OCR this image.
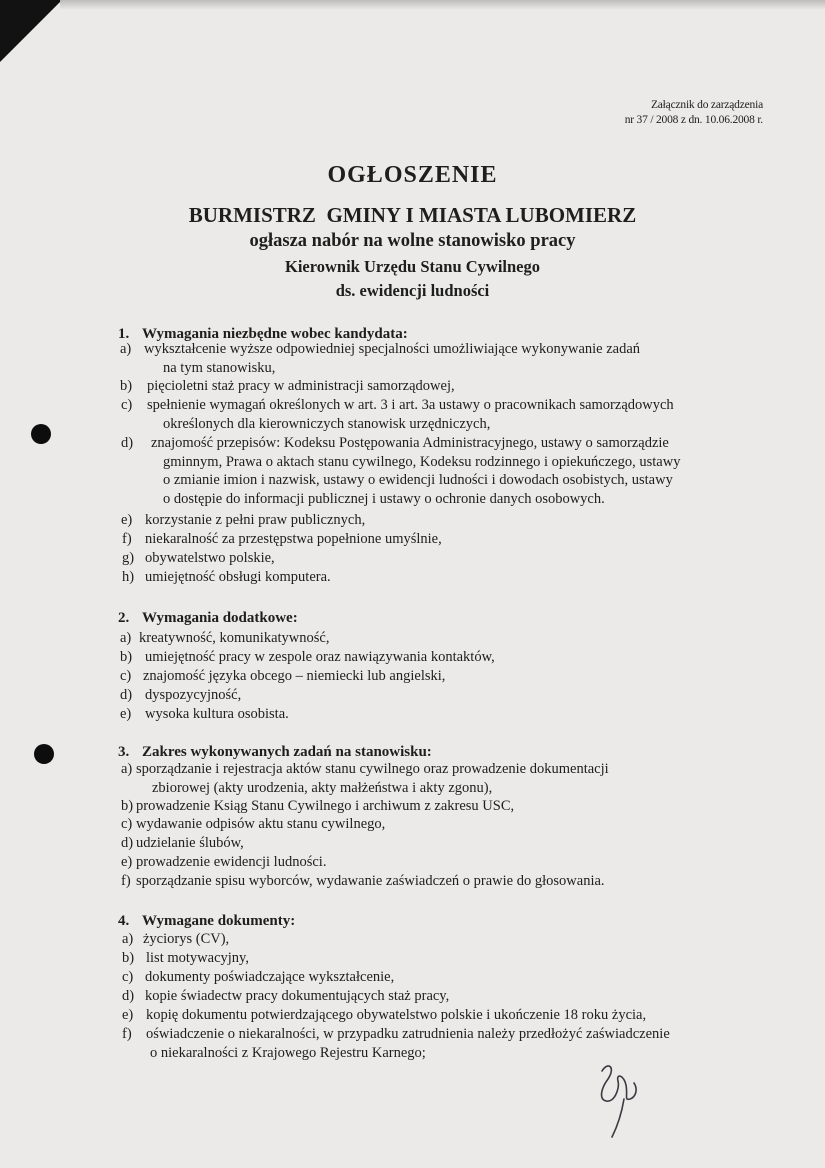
Załącznik do zarządzenia
nr 37 / 2008 z dn. 10.06.2008 r.
OGŁOSZENIE
BURMISTRZ  GMINY I MIASTA LUBOMIERZ
ogłasza nabór na wolne stanowisko pracy
Kierownik Urzędu Stanu Cywilnego
ds. ewidencji ludności
1. Wymagania niezbędne wobec kandydata:
a) wykształcenie wyższe odpowiedniej specjalności umożliwiające wykonywanie zadań
na tym stanowisku,
b) pięcioletni staż pracy w administracji samorządowej,
c) spełnienie wymagań określonych w art. 3 i art. 3a ustawy o pracownikach samorządowych
określonych dla kierowniczych stanowisk urzędniczych,
d) znajomość przepisów: Kodeksu Postępowania Administracyjnego, ustawy o samorządzie
gminnym, Prawa o aktach stanu cywilnego, Kodeksu rodzinnego i opiekuńczego, ustawy
o zmianie imion i nazwisk, ustawy o ewidencji ludności i dowodach osobistych, ustawy
o dostępie do informacji publicznej i ustawy o ochronie danych osobowych.
e) korzystanie z pełni praw publicznych,
f) niekaralność za przestępstwa popełnione umyślnie,
g) obywatelstwo polskie,
h) umiejętność obsługi komputera.
2. Wymagania dodatkowe:
a) kreatywność, komunikatywność,
b) umiejętność pracy w zespole oraz nawiązywania kontaktów,
c) znajomość języka obcego – niemiecki lub angielski,
d) dyspozycyjność,
e) wysoka kultura osobista.
3. Zakres wykonywanych zadań na stanowisku:
a) sporządzanie i rejestracja aktów stanu cywilnego oraz prowadzenie dokumentacji
zbiorowej (akty urodzenia, akty małżeństwa i akty zgonu),
b) prowadzenie Ksiąg Stanu Cywilnego i archiwum z zakresu USC,
c) wydawanie odpisów aktu stanu cywilnego,
d) udzielanie ślubów,
e) prowadzenie ewidencji ludności.
f) sporządzanie spisu wyborców, wydawanie zaświadczeń o prawie do głosowania.
4. Wymagane dokumenty:
a) życiorys (CV),
b) list motywacyjny,
c) dokumenty poświadczające wykształcenie,
d) kopie świadectw pracy dokumentujących staż pracy,
e) kopię dokumentu potwierdzającego obywatelstwo polskie i ukończenie 18 roku życia,
f) oświadczenie o niekaralności, w przypadku zatrudnienia należy przedłożyć zaświadczenie
o niekaralności z Krajowego Rejestru Karnego;
